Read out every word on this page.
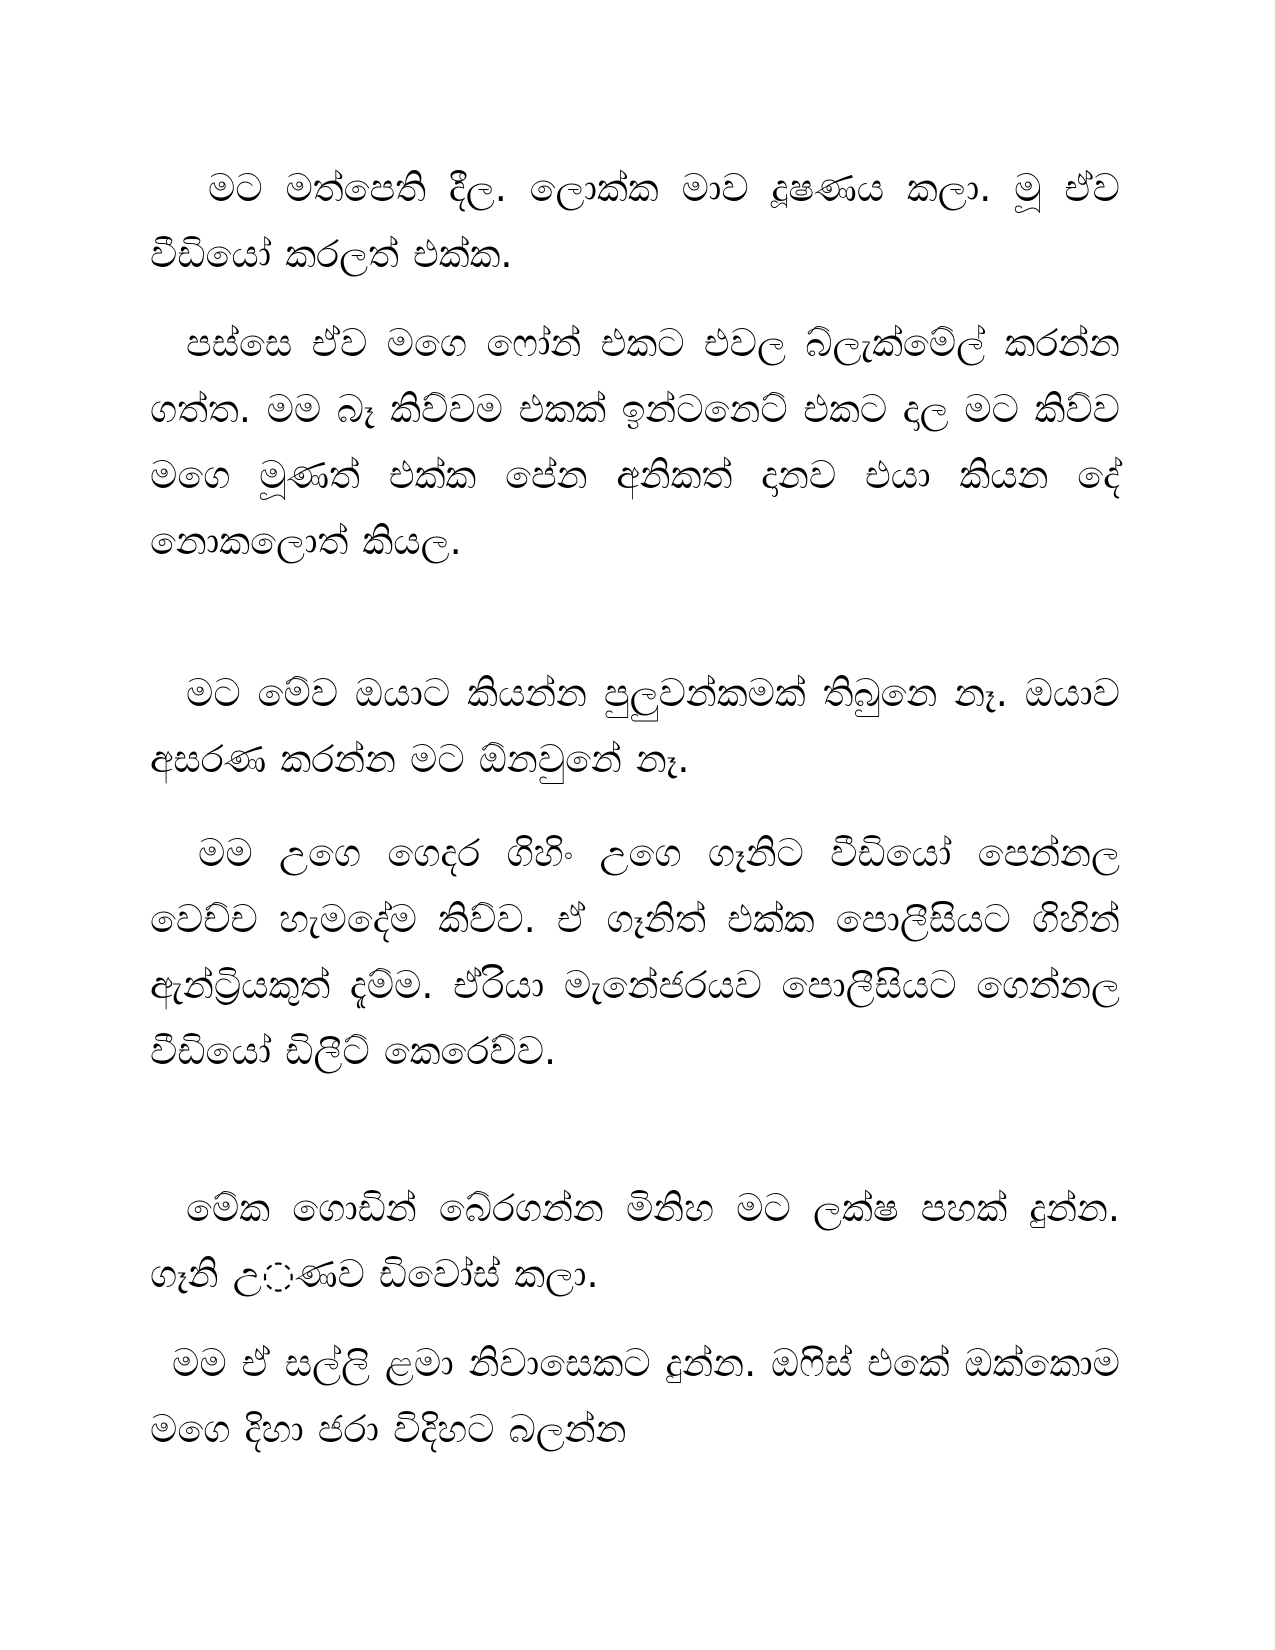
මට මත්පෙති දීල. ලොක්ක මාව දූෂණය කලා. මූ ඒව වීඩියෝ කරලත් එක්ක.

පස්සෙ ඒව මගෙ ෆෝන් එකට එවල බ්ලැක්මේල් කරන්න ගත්ත. මම බෑ කිව්වම එකක් ඉන්ටනෙට් එකට දාල මට කිව්ව මගෙ මූණත් එක්ක පේන අනිකත් දානව එයා කියන දේ නොකලොත් කියල.

මට මේව ඔයාට කියන්න පුලුවන්කමක් තිබුනෙ නෑ. ඔයාව අසරණ කරන්න මට ඕනවුනේ නෑ.

මම උගෙ ගෙදර ගිහිං උගෙ ගෑනිට වීඩියෝ පෙන්නල වෙච්ච හැමදේම කිව්ව. ඒ ගෑනිත් එක්ක පොලීසියට ගිහින් ඇන්ට්‍රියකුත් දැම්ම. ඒරියා මැනේජරයව පොලීසියට ගෙන්නල වීඩියෝ ඩිලීට් කෙරෙව්ව.

මේක ගොඩින් බේරගන්න මිනිහ මට ලක්ෂ පහක් දුන්න. ගෑනි උ◌ණව ඩිවෝස් කලා.

මම ඒ සල්ලි ළමා නිවාසෙකට දුන්න. ඔෆිස් එකේ ඔක්කොම මගෙ දිහා ජරා විදිහට බලන්න
